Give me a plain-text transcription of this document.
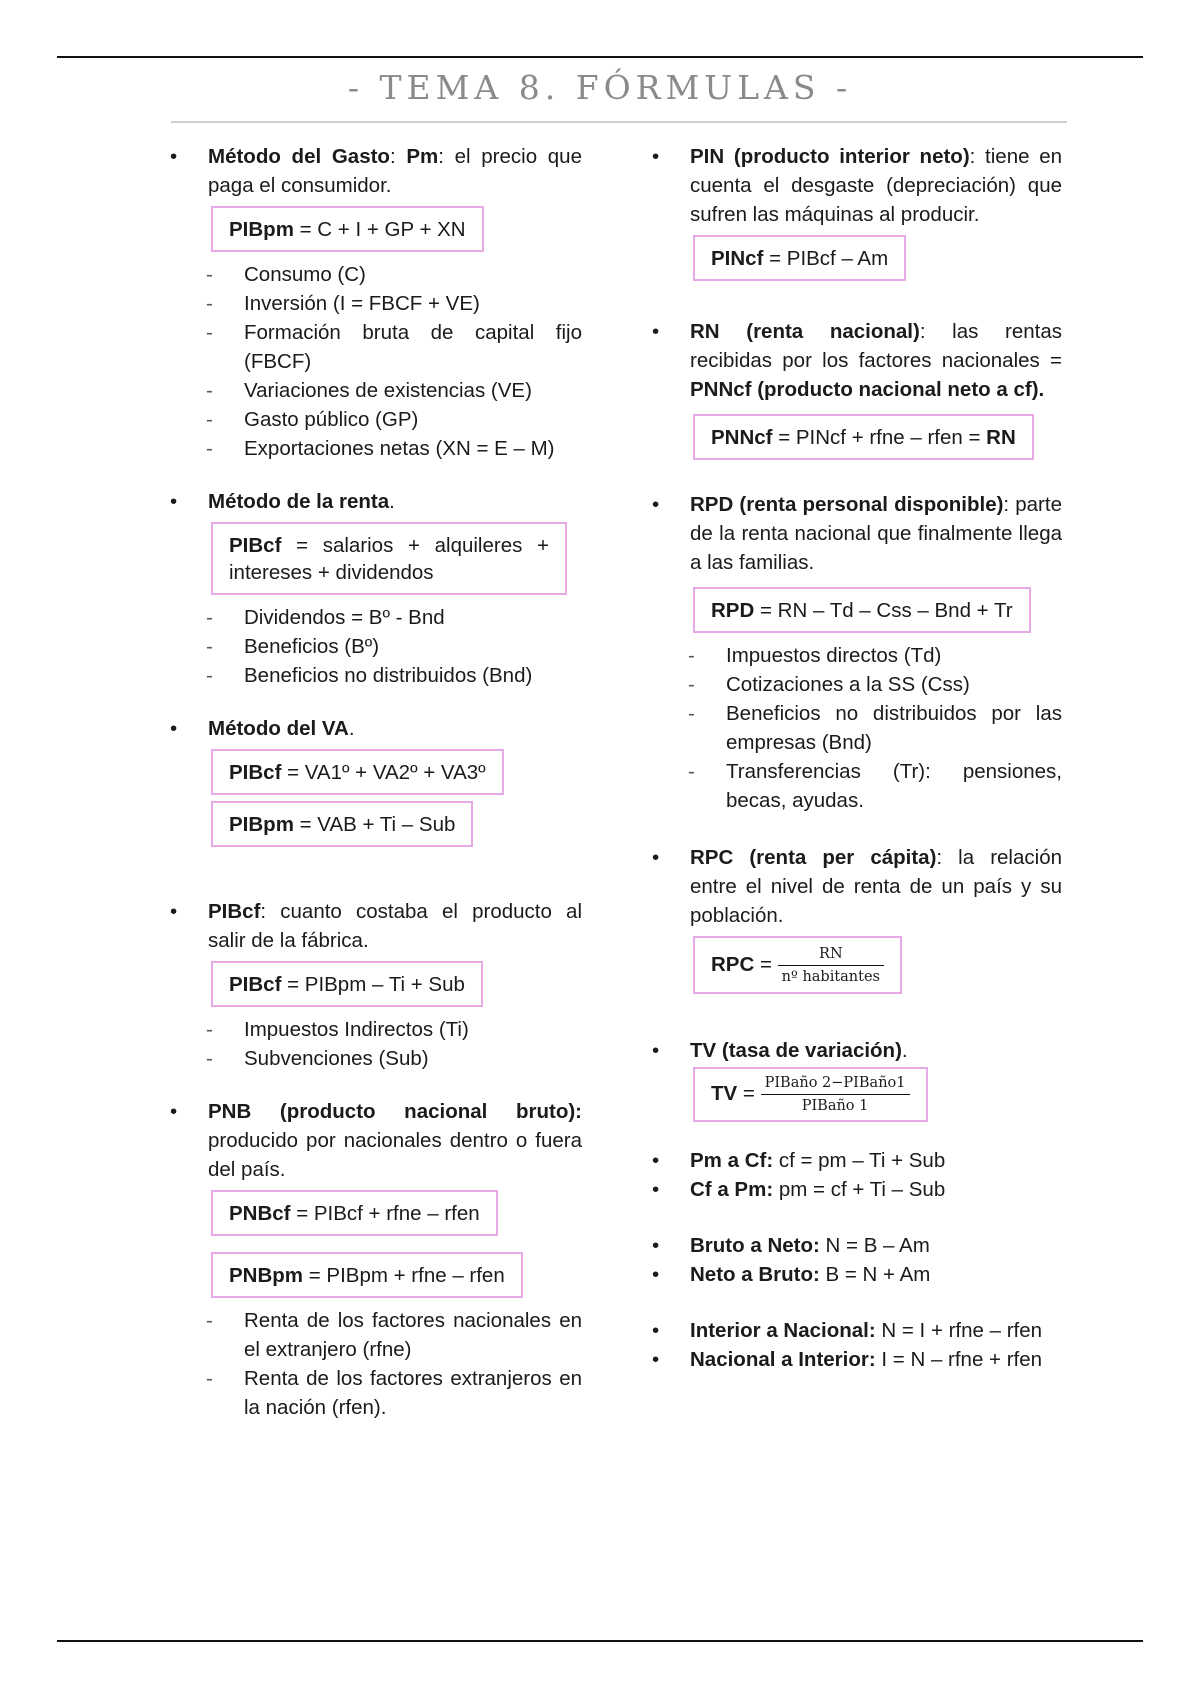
- TEMA 8. FÓRMULAS -
• Método del Gasto: Pm: el precio que paga el consumidor.
PIBpm = C + I + GP + XN
- Consumo (C)
- Inversión (I = FBCF + VE)
- Formación bruta de capital fijo (FBCF)
- Variaciones de existencias (VE)
- Gasto público (GP)
- Exportaciones netas (XN = E – M)
• Método de la renta.
PIBcf = salarios + alquileres + intereses + dividendos
- Dividendos = Bº - Bnd
- Beneficios (Bº)
- Beneficios no distribuidos (Bnd)
• Método del VA.
PIBcf = VA1º + VA2º + VA3º
PIBpm = VAB + Ti – Sub
• PIBcf: cuanto costaba el producto al salir de la fábrica.
PIBcf = PIBpm – Ti + Sub
- Impuestos Indirectos (Ti)
- Subvenciones (Sub)
• PNB (producto nacional bruto): producido por nacionales dentro o fuera del país.
PNBcf = PIBcf + rfne – rfen
PNBpm = PIBpm + rfne – rfen
- Renta de los factores nacionales en el extranjero (rfne)
- Renta de los factores extranjeros en la nación (rfen).
• PIN (producto interior neto): tiene en cuenta el desgaste (depreciación) que sufren las máquinas al producir.
PINcf = PIBcf – Am
• RN (renta nacional): las rentas recibidas por los factores nacionales = PNNcf (producto nacional neto a cf).
PNNcf = PINcf + rfne – rfen = RN
• RPD (renta personal disponible): parte de la renta nacional que finalmente llega a las familias.
RPD = RN – Td – Css – Bnd + Tr
- Impuestos directos (Td)
- Cotizaciones a la SS (Css)
- Beneficios no distribuidos por las empresas (Bnd)
- Transferencias (Tr): pensiones, becas, ayudas.
• RPC (renta per cápita): la relación entre el nivel de renta de un país y su población.
RPC = $\frac{RN}{\text{nº habitantes}}$
• TV (tasa de variación).
TV = $\frac{\text{PIBaño 2−PIBaño1}}{\text{PIBaño 1}}$
• Pm a Cf: cf = pm – Ti + Sub
• Cf a Pm: pm = cf + Ti – Sub
• Bruto a Neto: N = B – Am
• Neto a Bruto: B = N + Am
• Interior a Nacional: N = I + rfne – rfen
• Nacional a Interior: I = N – rfne + rfen
